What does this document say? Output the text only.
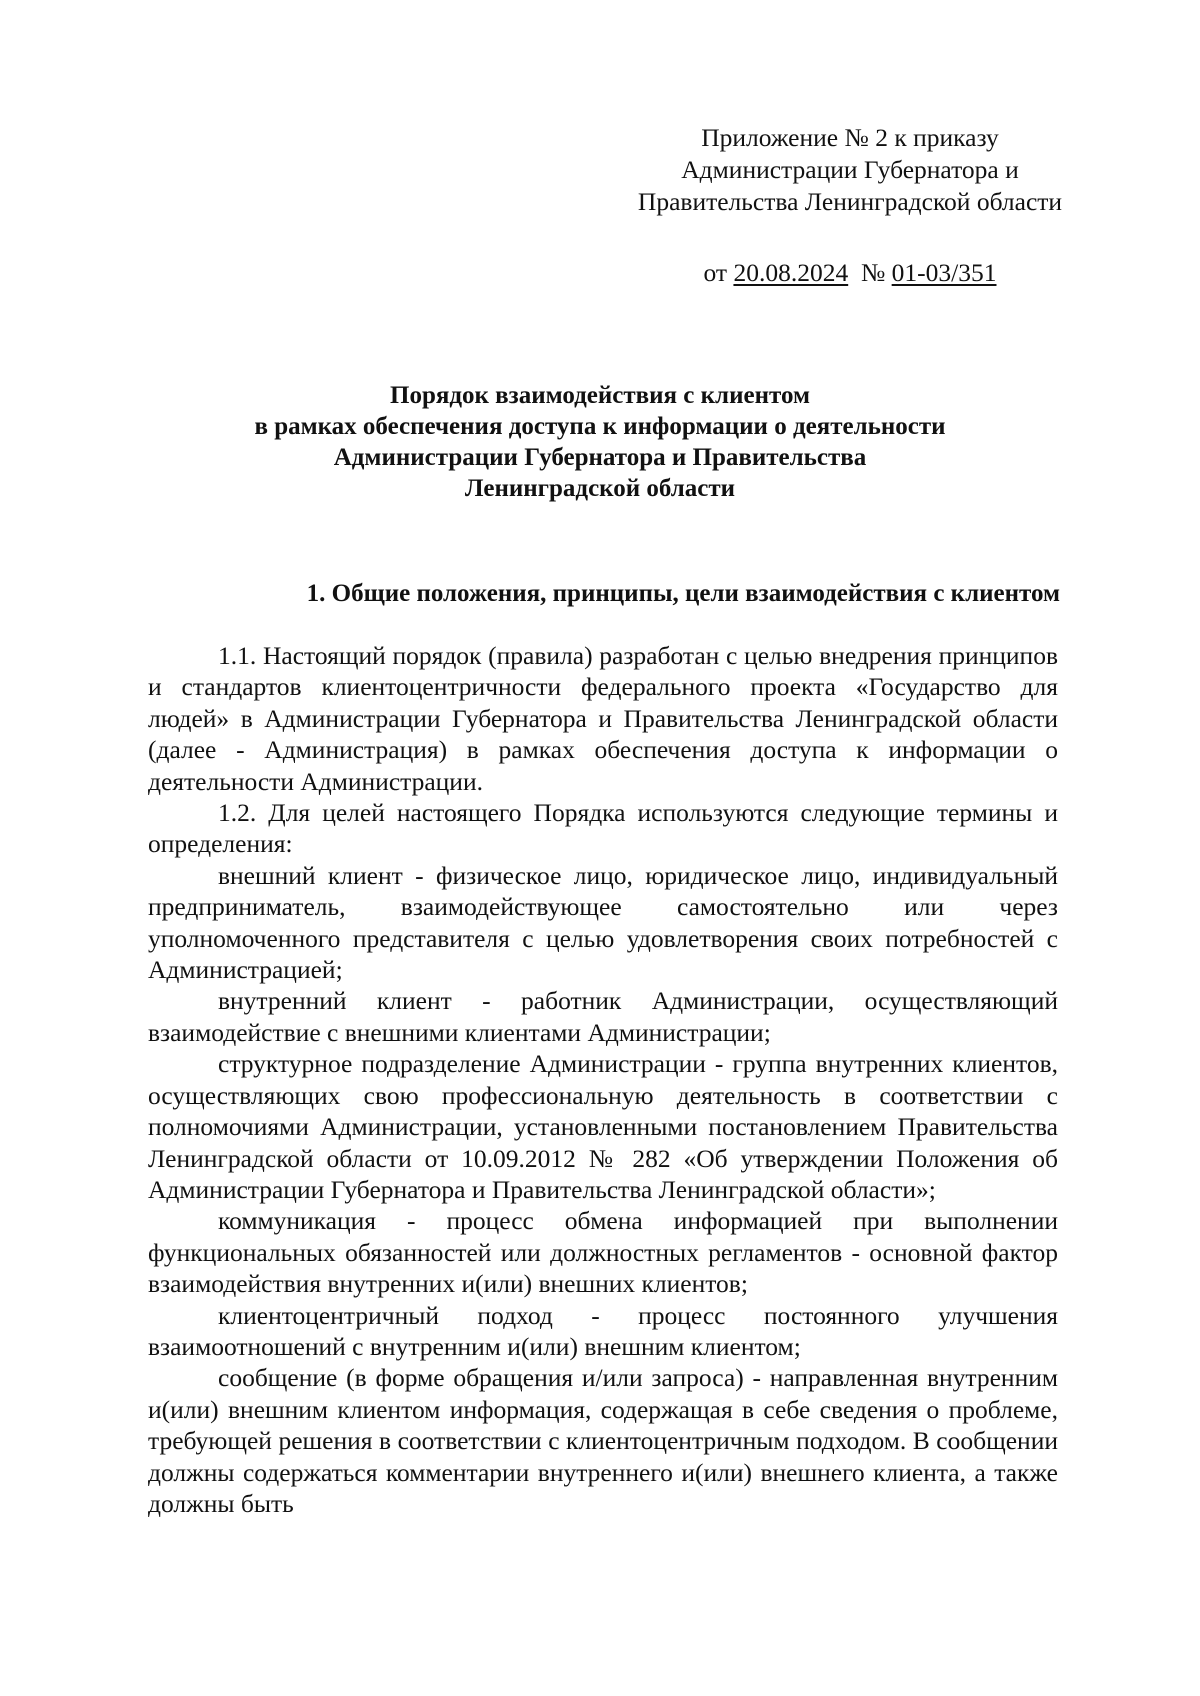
Приложение № 2 к приказу
Администрации Губернатора и
Правительства Ленинградской области
от 20.08.2024 № 01-03/351
Порядок взаимодействия с клиентом
в рамках обеспечения доступа к информации о деятельности
Администрации Губернатора и Правительства
Ленинградской области
1. Общие положения, принципы, цели взаимодействия с клиентом

1.1. Настоящий порядок (правила) разработан с целью внедрения принципов и стандартов клиентоцентричности федерального проекта «Государство для людей» в Администрации Губернатора и Правительства Ленинградской области (далее - Администрация) в рамках обеспечения доступа к информации о деятельности Администрации.

1.2. Для целей настоящего Порядка используются следующие термины и определения:

внешний клиент - физическое лицо, юридическое лицо, индивидуальный предприниматель, взаимодействующее самостоятельно или через уполномоченного представителя с целью удовлетворения своих потребностей с Администрацией;

внутренний клиент - работник Администрации, осуществляющий взаимодействие с внешними клиентами Администрации;

структурное подразделение Администрации - группа внутренних клиентов, осуществляющих свою профессиональную деятельность в соответствии с полномочиями Администрации, установленными постановлением Правительства Ленинградской области от 10.09.2012 № 282 «Об утверждении Положения об Администрации Губернатора и Правительства Ленинградской области»;

коммуникация - процесс обмена информацией при выполнении функциональных обязанностей или должностных регламентов - основной фактор взаимодействия внутренних и(или) внешних клиентов;

клиентоцентричный подход - процесс постоянного улучшения взаимоотношений с внутренним и(или) внешним клиентом;

сообщение (в форме обращения и/или запроса) - направленная внутренним и(или) внешним клиентом информация, содержащая в себе сведения о проблеме, требующей решения в соответствии с клиентоцентричным подходом. В сообщении должны содержаться комментарии внутреннего и(или) внешнего клиента, а также должны быть
